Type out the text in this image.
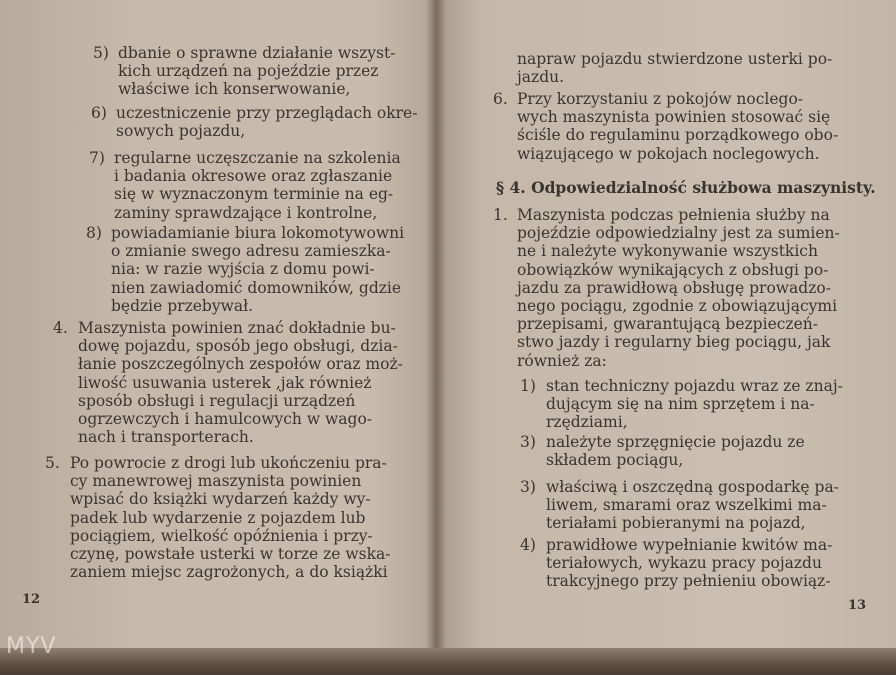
5) dbanie o sprawne działanie wszyst-
kich urządzeń na pojeździe przez
właściwe ich konserwowanie,
6) uczestniczenie przy przeglądach okre-
sowych pojazdu,
7) regularne uczęszczanie na szkolenia
i badania okresowe oraz zgłaszanie
się w wyznaczonym terminie na eg-
zaminy sprawdzające i kontrolne,
8) powiadamianie biura lokomotywowni
o zmianie swego adresu zamieszka-
nia: w razie wyjścia z domu powi-
nien zawiadomić domowników, gdzie
będzie przebywał.
4. Maszynista powinien znać dokładnie bu-
dowę pojazdu, sposób jego obsługi, dzia-
łanie poszczególnych zespołów oraz moż-
liwość usuwania usterek ,jak również
sposób obsługi i regulacji urządzeń
ogrzewczych i hamulcowych w wago-
nach i transporterach.
5. Po powrocie z drogi lub ukończeniu pra-
cy manewrowej maszynista powinien
wpisać do książki wydarzeń każdy wy-
padek lub wydarzenie z pojazdem lub
pociągiem, wielkość opóźnienia i przy-
czynę, powstałe usterki w torze ze wska-
zaniem miejsc zagrożonych, a do książki
12
napraw pojazdu stwierdzone usterki po-
jazdu.
6. Przy korzystaniu z pokojów noclego-
wych maszynista powinien stosować się
ściśle do regulaminu porządkowego obo-
wiązującego w pokojach noclegowych.
§ 4. Odpowiedzialność służbowa maszynisty.
1. Maszynista podczas pełnienia służby na
pojeździe odpowiedzialny jest za sumien-
ne i należyte wykonywanie wszystkich
obowiązków wynikających z obsługi po-
jazdu za prawidłową obsługę prowadzo-
nego pociągu, zgodnie z obowiązującymi
przepisami, gwarantującą bezpieczeń-
stwo jazdy i regularny bieg pociągu, jak
również za:
1) stan techniczny pojazdu wraz ze znaj-
dującym się na nim sprzętem i na-
rzędziami,
3) należyte sprzęgnięcie pojazdu ze
składem pociągu,
3) właściwą i oszczędną gospodarkę pa-
liwem, smarami oraz wszelkimi ma-
teriałami pobieranymi na pojazd,
4) prawidłowe wypełnianie kwitów ma-
teriałowych, wykazu pracy pojazdu
trakcyjnego przy pełnieniu obowiąz-
13
MYV
